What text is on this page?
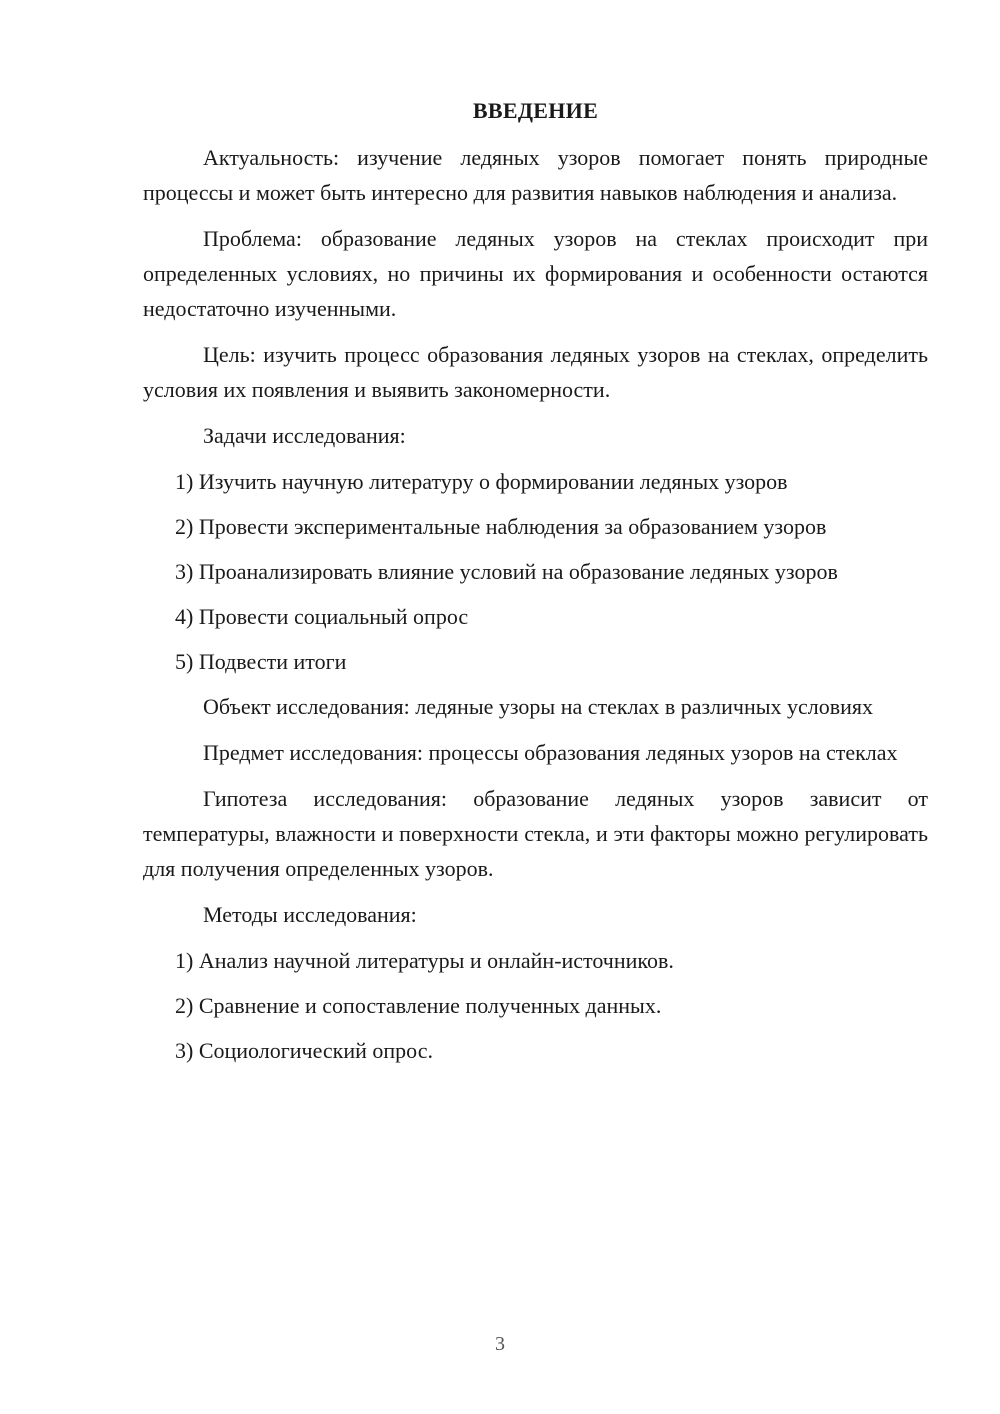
ВВЕДЕНИЕ

Актуальность: изучение ледяных узоров помогает понять природные процессы и может быть интересно для развития навыков наблюдения и анализа.

Проблема: образование ледяных узоров на стеклах происходит при определенных условиях, но причины их формирования и особенности остаются недостаточно изученными.

Цель: изучить процесс образования ледяных узоров на стеклах, определить условия их появления и выявить закономерности.

Задачи исследования:

1) Изучить научную литературу о формировании ледяных узоров

2) Провести экспериментальные наблюдения за образованием узоров

3) Проанализировать влияние условий на образование ледяных узоров

4) Провести социальный опрос

5) Подвести итоги

Объект исследования: ледяные узоры на стеклах в различных условиях

Предмет исследования: процессы образования ледяных узоров на стеклах

Гипотеза исследования: образование ледяных узоров зависит от температуры, влажности и поверхности стекла, и эти факторы можно регулировать для получения определенных узоров.

Методы исследования:

1) Анализ научной литературы и онлайн-источников.

2) Сравнение и сопоставление полученных данных.

3) Социологический опрос.

3
